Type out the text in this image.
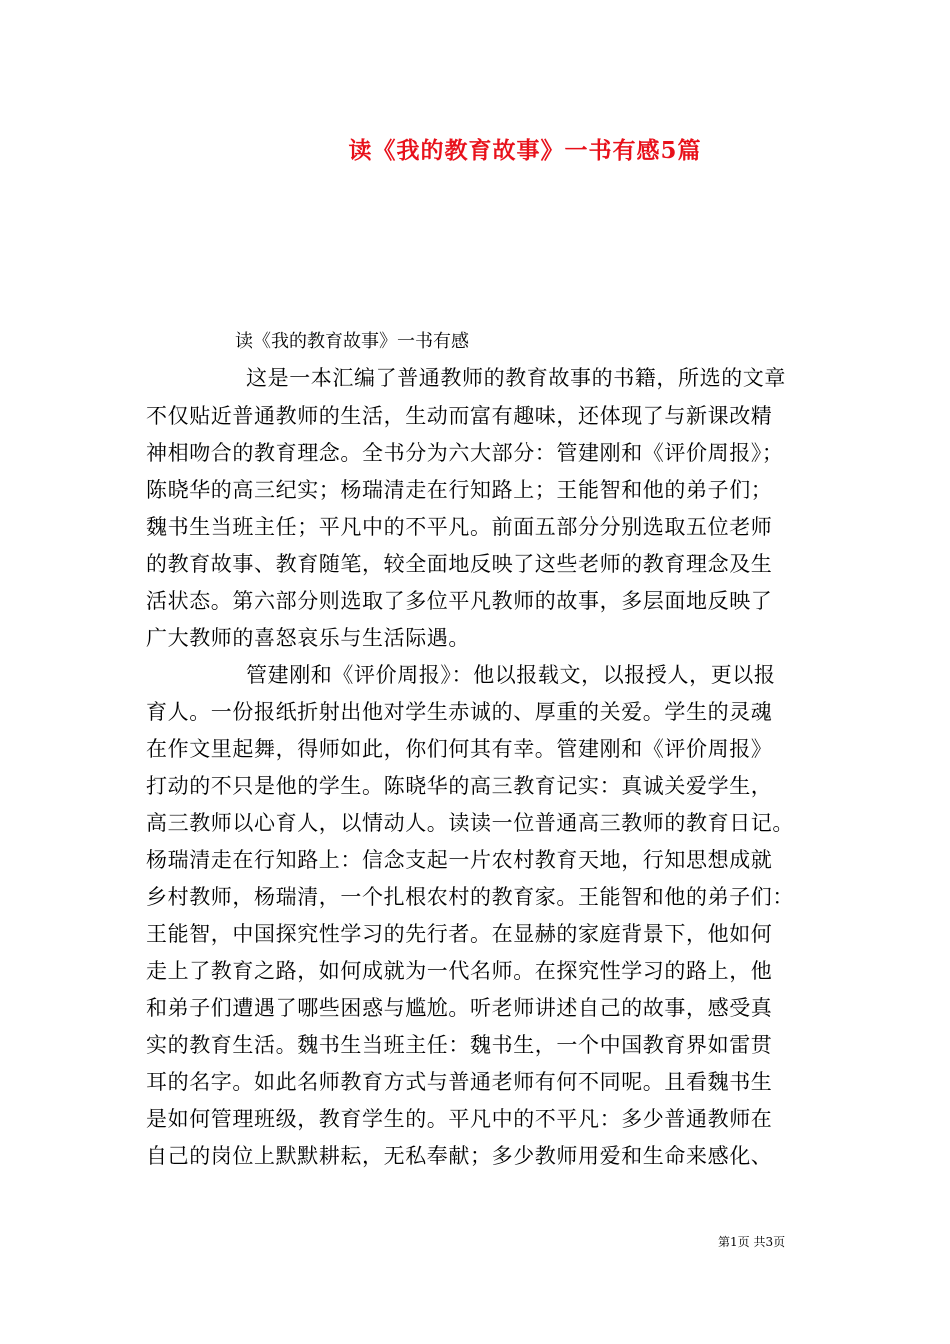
读《我的教育故事》一书有感5篇
读《我的教育故事》一书有感
这是一本汇编了普通教师的教育故事的书籍，所选的文章
不仅贴近普通教师的生活，生动而富有趣味，还体现了与新课改精
神相吻合的教育理念。全书分为六大部分：管建刚和《评价周报》；
陈晓华的高三纪实；杨瑞清走在行知路上；王能智和他的弟子们；
魏书生当班主任；平凡中的不平凡。前面五部分分别选取五位老师
的教育故事、教育随笔，较全面地反映了这些老师的教育理念及生
活状态。第六部分则选取了多位平凡教师的故事，多层面地反映了
广大教师的喜怒哀乐与生活际遇。
管建刚和《评价周报》：他以报载文，以报授人，更以报
育人。一份报纸折射出他对学生赤诚的、厚重的关爱。学生的灵魂
在作文里起舞，得师如此，你们何其有幸。管建刚和《评价周报》
打动的不只是他的学生。陈晓华的高三教育记实：真诚关爱学生，
高三教师以心育人，以情动人。读读一位普通高三教师的教育日记。
杨瑞清走在行知路上：信念支起一片农村教育天地，行知思想成就
乡村教师，杨瑞清，一个扎根农村的教育家。王能智和他的弟子们：
王能智，中国探究性学习的先行者。在显赫的家庭背景下，他如何
走上了教育之路，如何成就为一代名师。在探究性学习的路上，他
和弟子们遭遇了哪些困惑与尴尬。听老师讲述自己的故事，感受真
实的教育生活。魏书生当班主任：魏书生，一个中国教育界如雷贯
耳的名字。如此名师教育方式与普通老师有何不同呢。且看魏书生
是如何管理班级，教育学生的。平凡中的不平凡：多少普通教师在
自己的岗位上默默耕耘，无私奉献；多少教师用爱和生命来感化、
第1页 共3页
